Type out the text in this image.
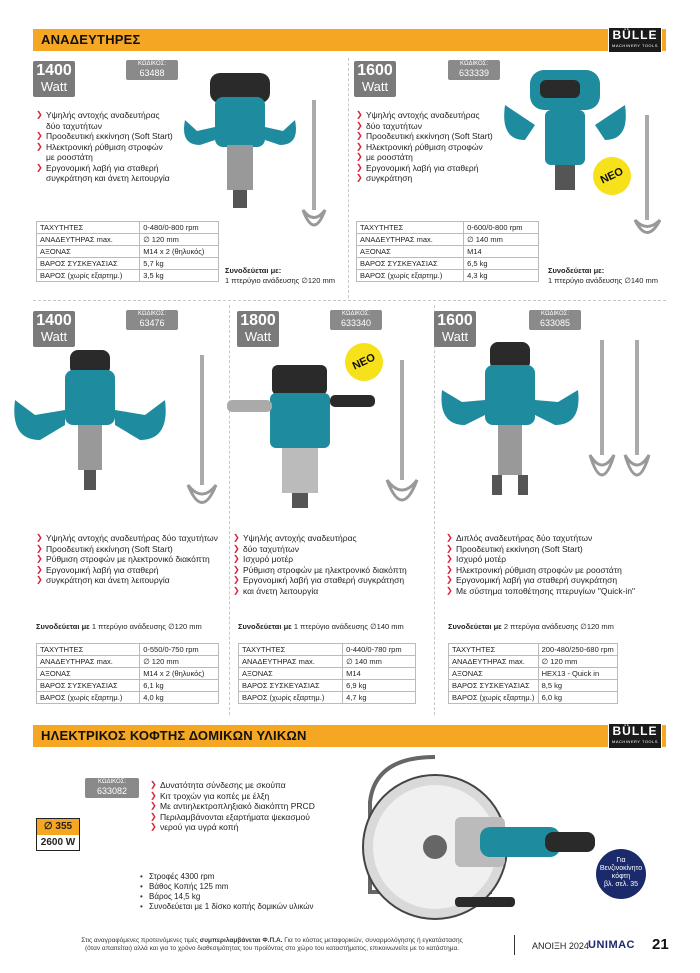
ΑΝΑΔΕΥΤΗΡΕΣ	BÜLLE
MACHINERY TOOLS
1400
Watt
ΚΩΔΙΚΟΣ:
63488
❯ Υψηλής αντοχής αναδευτήρας
δύο ταχυτήτων
❯ Προοδευτική εκκίνηση (Soft Start)
❯ Ηλεκτρονική ρύθμιση στροφών
με ροοστάτη
❯ Εργονομική λαβή για σταθερή
συγκράτηση και άνετη λειτουργία
ΤΑΧΥΤΗΤΕΣ	0-480/0-800 rpm
ΑΝΑΔΕΥΤΗΡΑΣ max.	∅ 120 mm
ΑΞΟΝΑΣ	M14 x 2 (θηλυκός)
ΒΑΡΟΣ ΣΥΣΚΕΥΑΣΙΑΣ	5,7 kg
ΒΑΡΟΣ (χωρίς εξαρτημ.)	3,5 kg
Συνοδεύεται με:
1 πτερύγιο ανάδευσης ∅120 mm
1600
Watt
ΚΩΔΙΚΟΣ:
633339
ΝΕΟ
❯ Υψηλής αντοχής αναδευτήρας
❯ δύο ταχυτήτων
❯ Προοδευτική εκκίνηση (Soft Start)
❯ Ηλεκτρονική ρύθμιση στροφών
❯ με ροοστάτη
❯ Εργονομική λαβή για σταθερή
❯ συγκράτηση
ΤΑΧΥΤΗΤΕΣ	0-600/0-800 rpm
ΑΝΑΔΕΥΤΗΡΑΣ max.	∅ 140 mm
ΑΞΟΝΑΣ	M14
ΒΑΡΟΣ ΣΥΣΚΕΥΑΣΙΑΣ	6,5 kg
ΒΑΡΟΣ (χωρίς εξαρτημ.)	4,3 kg
Συνοδεύεται με:
1 πτερύγιο ανάδευσης ∅140 mm
1400
Watt
ΚΩΔΙΚΟΣ:
63476
❯ Υψηλής αντοχής αναδευτήρας δύο ταχυτήτων
❯ Προοδευτική εκκίνηση (Soft Start)
❯ Ρύθμιση στροφών με ηλεκτρονικό διακόπτη
❯ Εργονομική λαβή για σταθερή
❯ συγκράτηση και άνετη λειτουργία
Συνοδεύεται με 1 πτερύγιο ανάδευσης ∅120 mm
ΤΑΧΥΤΗΤΕΣ	0-550/0-750 rpm
ΑΝΑΔΕΥΤΗΡΑΣ max.	∅ 120 mm
ΑΞΟΝΑΣ	M14 x 2 (θηλυκός)
ΒΑΡΟΣ ΣΥΣΚΕΥΑΣΙΑΣ	6,1 kg
ΒΑΡΟΣ (χωρίς εξαρτημ.)	4,0 kg
1800
Watt
ΚΩΔΙΚΟΣ:
633340
ΝΕΟ
❯ Υψηλής αντοχής αναδευτήρας
❯ δύο ταχυτήτων
❯ Ισχυρό μοτέρ
❯ Ρύθμιση στροφών με ηλεκτρονικό διακόπτη
❯ Εργονομική λαβή για σταθερή συγκράτηση
❯ και άνετη λειτουργία
Συνοδεύεται με 1 πτερύγιο ανάδευσης ∅140 mm
ΤΑΧΥΤΗΤΕΣ	0-440/0-780 rpm
ΑΝΑΔΕΥΤΗΡΑΣ max.	∅ 140 mm
ΑΞΟΝΑΣ	M14
ΒΑΡΟΣ ΣΥΣΚΕΥΑΣΙΑΣ	6,9 kg
ΒΑΡΟΣ (χωρίς εξαρτημ.)	4,7 kg
1600
Watt
ΚΩΔΙΚΟΣ:
633085
❯ Διπλός αναδευτήρας δύο ταχυτήτων
❯ Προοδευτική εκκίνηση (Soft Start)
❯ Ισχυρό μοτέρ
❯ Ηλεκτρονική ρύθμιση στροφών με ροοστάτη
❯ Εργονομική λαβή για σταθερή συγκράτηση
❯ Με σύστημα τοποθέτησης πτερυγίων "Quick-in"
Συνοδεύεται με 2 πτερύγια ανάδευσης ∅120 mm
ΤΑΧΥΤΗΤΕΣ	200-480/250-680 rpm
ΑΝΑΔΕΥΤΗΡΑΣ max.	∅ 120 mm
ΑΞΟΝΑΣ	HEX13 - Quick in
ΒΑΡΟΣ ΣΥΣΚΕΥΑΣΙΑΣ	8,5 kg
ΒΑΡΟΣ (χωρίς εξαρτημ.)	6,0 kg
ΗΛΕΚΤΡΙΚΟΣ ΚΟΦΤΗΣ ΔΟΜΙΚΩΝ ΥΛΙΚΩΝ	BÜLLE
MACHINERY TOOLS
ΚΩΔΙΚΟΣ:
633082
∅ 355
2600 W
❯ Δυνατότητα σύνδεσης με σκούπα
❯ Κιτ τροχών για κοπές με έλξη
❯ Με αντιηλεκτροπληξιακό διακόπτη PRCD
❯ Περιλαμβάνονται εξαρτήματα ψεκασμού
❯ νερού για υγρά κοπή
• Στροφές 4300 rpm
• Βάθος Κοπής 125 mm
• Βάρος 14,5 kg
• Συνοδεύεται με 1 δίσκο κοπής δομικών υλικών
Για
Βενζινοκίνητο
κόφτη
βλ. σελ. 35
Στις αναγραφόμενες προτεινόμενες τιμές συμπεριλαμβάνεται Φ.Π.Α. Για το κόστος μεταφορικών, συναρμολόγησης ή εγκατάστασης
(όταν απαιτείται) αλλά και για το χρόνο διαθεσιμότητας του προϊόντος στο χώρο του καταστήματος, επικοινωνείτε με το κατάστημα.	ΑΝΟΙΞΗ 2024 UNIMAC 21
